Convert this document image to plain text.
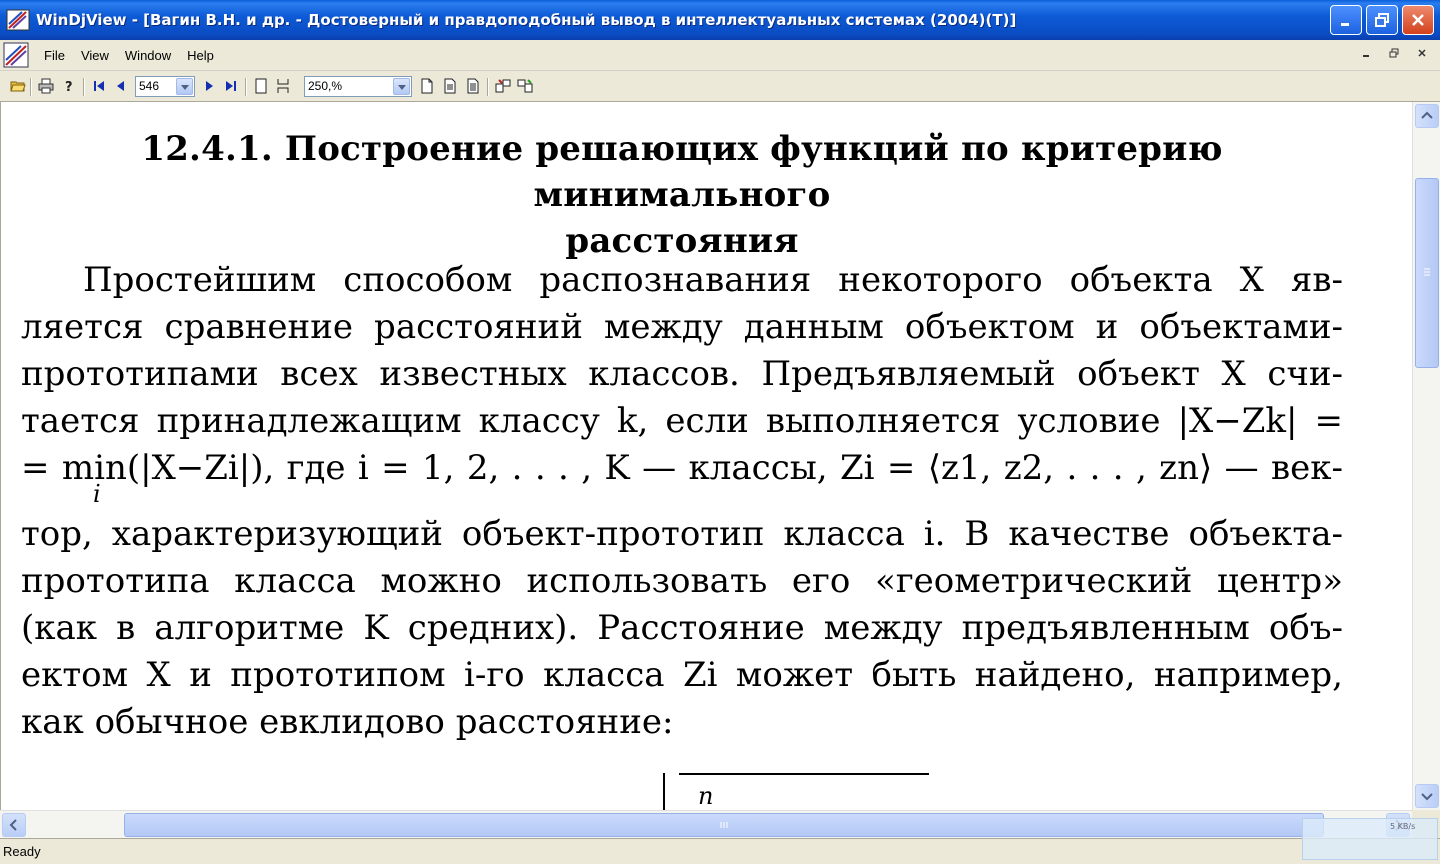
WinDjView - [Вагин В.Н. и др. - Достоверный и правдоподобный вывод в интеллектуальных системах (2004)(T)]
File View Window Help
?	546	250,%
12.4.1. Построение решающих функций по критерию минимального
расстояния
Простейшим способом распознавания некоторого объекта X яв-
ляется сравнение расстояний между данным объектом и объектами-
прототипами всех известных классов. Предъявляемый объект X счи-
тается принадлежащим классу k, если выполняется условие |X−Zk| =
= min(|X−Zi|), где i = 1, 2, . . . , K — классы, Zi = ⟨z1, z2, . . . , zn⟩ — век-
i
тор, характеризующий объект-прототип класса i. В качестве объекта-
прототипа класса можно использовать его «геометрический центр»
(как в алгоритме K средних). Расстояние между предъявленным объ-
ектом X и прототипом i-го класса Zi может быть найдено, например,
как обычное евклидово расстояние:
n
Ready
5 KB/s
